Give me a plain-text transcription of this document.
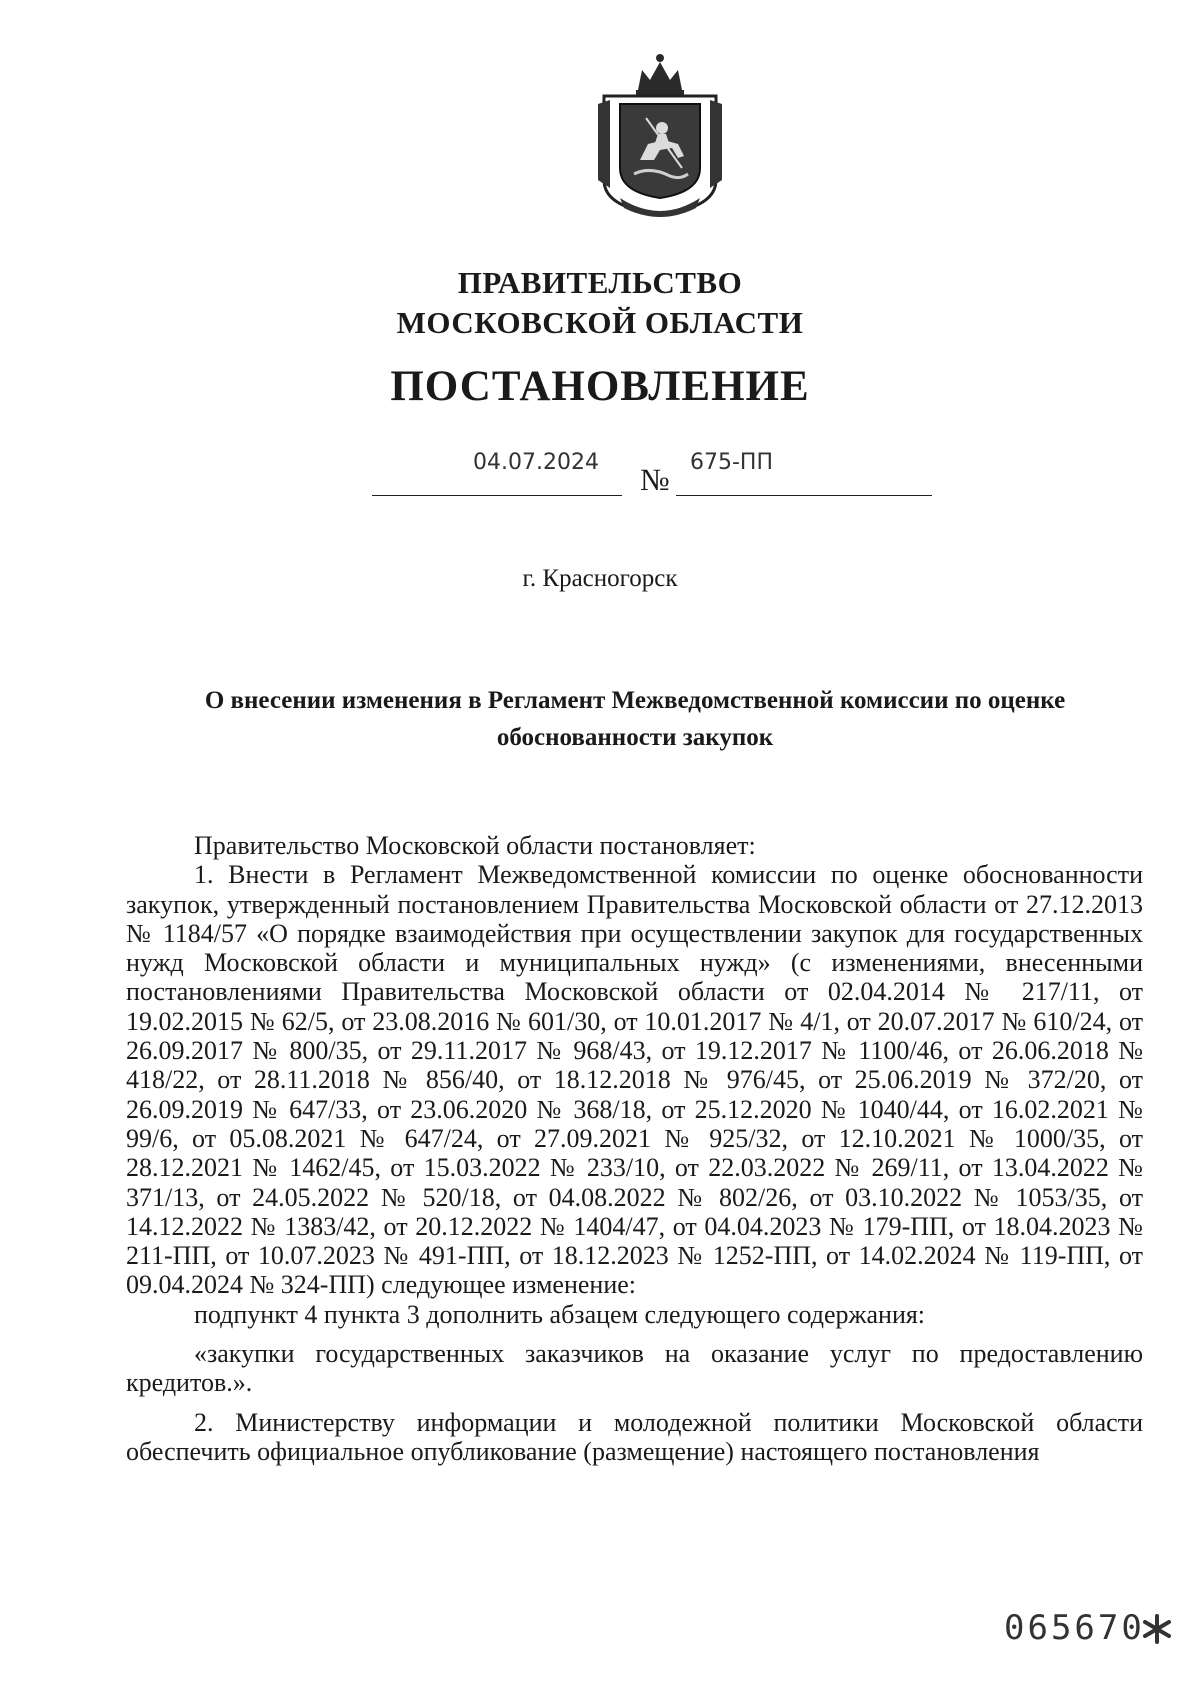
ПРАВИТЕЛЬСТВО
МОСКОВСКОЙ ОБЛАСТИ
ПОСТАНОВЛЕНИЕ
04.07.2024 № 675-ПП
г. Красногорск
О внесении изменения в Регламент Межведомственной комиссии по оценке
обоснованности закупок

Правительство Московской области постановляет:

1. Внести в Регламент Межведомственной комиссии по оценке обоснованности закупок, утвержденный постановлением Правительства Московской области от 27.12.2013 № 1184/57 «О порядке взаимодействия при осуществлении закупок для государственных нужд Московской области и муниципальных нужд» (с изменениями, внесенными постановлениями Правительства Московской области от 02.04.2014 № 217/11, от 19.02.2015 № 62/5, от 23.08.2016 № 601/30, от 10.01.2017 № 4/1, от 20.07.2017 № 610/24, от 26.09.2017 № 800/35, от 29.11.2017 № 968/43, от 19.12.2017 № 1100/46, от 26.06.2018 № 418/22, от 28.11.2018 № 856/40, от 18.12.2018 № 976/45, от 25.06.2019 № 372/20, от 26.09.2019 № 647/33, от 23.06.2020 № 368/18, от 25.12.2020 № 1040/44, от 16.02.2021 № 99/6, от 05.08.2021 № 647/24, от 27.09.2021 № 925/32, от 12.10.2021 № 1000/35, от 28.12.2021 № 1462/45, от 15.03.2022 № 233/10, от 22.03.2022 № 269/11, от 13.04.2022 № 371/13, от 24.05.2022 № 520/18, от 04.08.2022 № 802/26, от 03.10.2022 № 1053/35, от 14.12.2022 № 1383/42, от 20.12.2022 № 1404/47, от 04.04.2023 № 179-ПП, от 18.04.2023 № 211-ПП, от 10.07.2023 № 491-ПП, от 18.12.2023 № 1252-ПП, от 14.02.2024 № 119-ПП, от 09.04.2024 № 324-ПП) следующее изменение:

подпункт 4 пункта 3 дополнить абзацем следующего содержания:

«закупки государственных заказчиков на оказание услуг по предоставлению кредитов.».

2. Министерству информации и молодежной политики Московской области обеспечить официальное опубликование (размещение) настоящего постановления

065670
